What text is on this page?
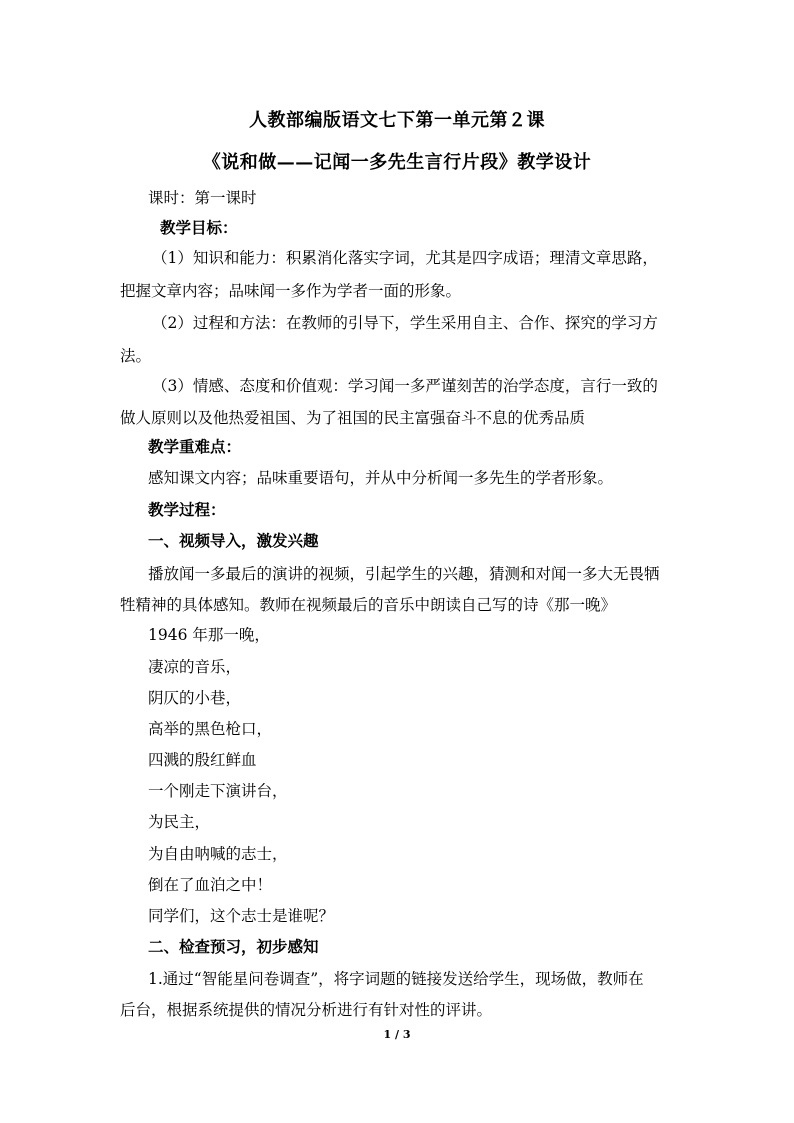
人教部编版语文七下第一单元第２课
《说和做——记闻一多先生言行片段》教学设计
课时：第一课时
教学目标：
（1）知识和能力：积累消化落实字词，尤其是四字成语；理清文章思路，
把握文章内容；品味闻一多作为学者一面的形象。
（2）过程和方法：在教师的引导下，学生采用自主、合作、探究的学习方
法。
（3）情感、态度和价值观：学习闻一多严谨刻苦的治学态度，言行一致的
做人原则以及他热爱祖国、为了祖国的民主富强奋斗不息的优秀品质
教学重难点：
感知课文内容；品味重要语句，并从中分析闻一多先生的学者形象。
教学过程：
一、视频导入，激发兴趣
播放闻一多最后的演讲的视频，引起学生的兴趣，猜测和对闻一多大无畏牺
牲精神的具体感知。教师在视频最后的音乐中朗读自己写的诗《那一晚》
1946 年那一晚，
凄凉的音乐，
阴仄的小巷，
高举的黑色枪口，
四溅的殷红鲜血
一个刚走下演讲台，
为民主，
为自由呐喊的志士，
倒在了血泊之中！
同学们，这个志士是谁呢？
二、检查预习，初步感知
1.通过“智能星问卷调查”，将字词题的链接发送给学生，现场做，教师在
后台，根据系统提供的情况分析进行有针对性的评讲。
1 / 3
